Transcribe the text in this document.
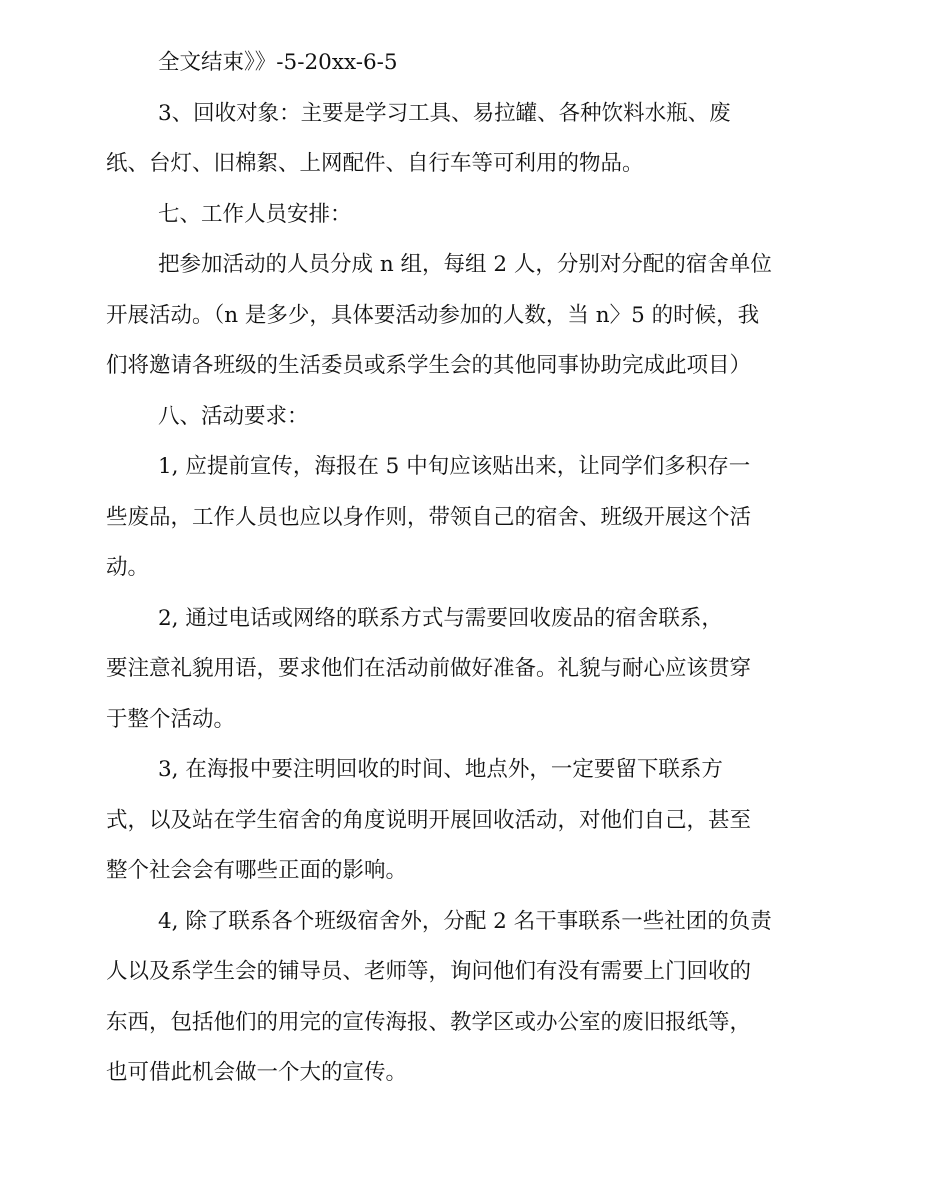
全文结束》》-5-20xx-6-5
3、回收对象：主要是学习工具、易拉罐、各种饮料水瓶、废
纸、台灯、旧棉絮、上网配件、自行车等可利用的物品。
七、工作人员安排：
把参加活动的人员分成 n 组，每组 2 人，分别对分配的宿舍单位
开展活动。（n 是多少，具体要活动参加的人数，当 n〉5 的时候，我
们将邀请各班级的生活委员或系学生会的其他同事协助完成此项目）
八、活动要求：
1, 应提前宣传，海报在 5 中旬应该贴出来，让同学们多积存一
些废品，工作人员也应以身作则，带领自己的宿舍、班级开展这个活
动。
2, 通过电话或网络的联系方式与需要回收废品的宿舍联系，
要注意礼貌用语，要求他们在活动前做好准备。礼貌与耐心应该贯穿
于整个活动。
3, 在海报中要注明回收的时间、地点外，一定要留下联系方
式，以及站在学生宿舍的角度说明开展回收活动，对他们自己，甚至
整个社会会有哪些正面的影响。
4, 除了联系各个班级宿舍外，分配 2 名干事联系一些社团的负责
人以及系学生会的铺导员、老师等，询问他们有没有需要上门回收的
东西，包括他们的用完的宣传海报、教学区或办公室的废旧报纸等，
也可借此机会做一个大的宣传。
